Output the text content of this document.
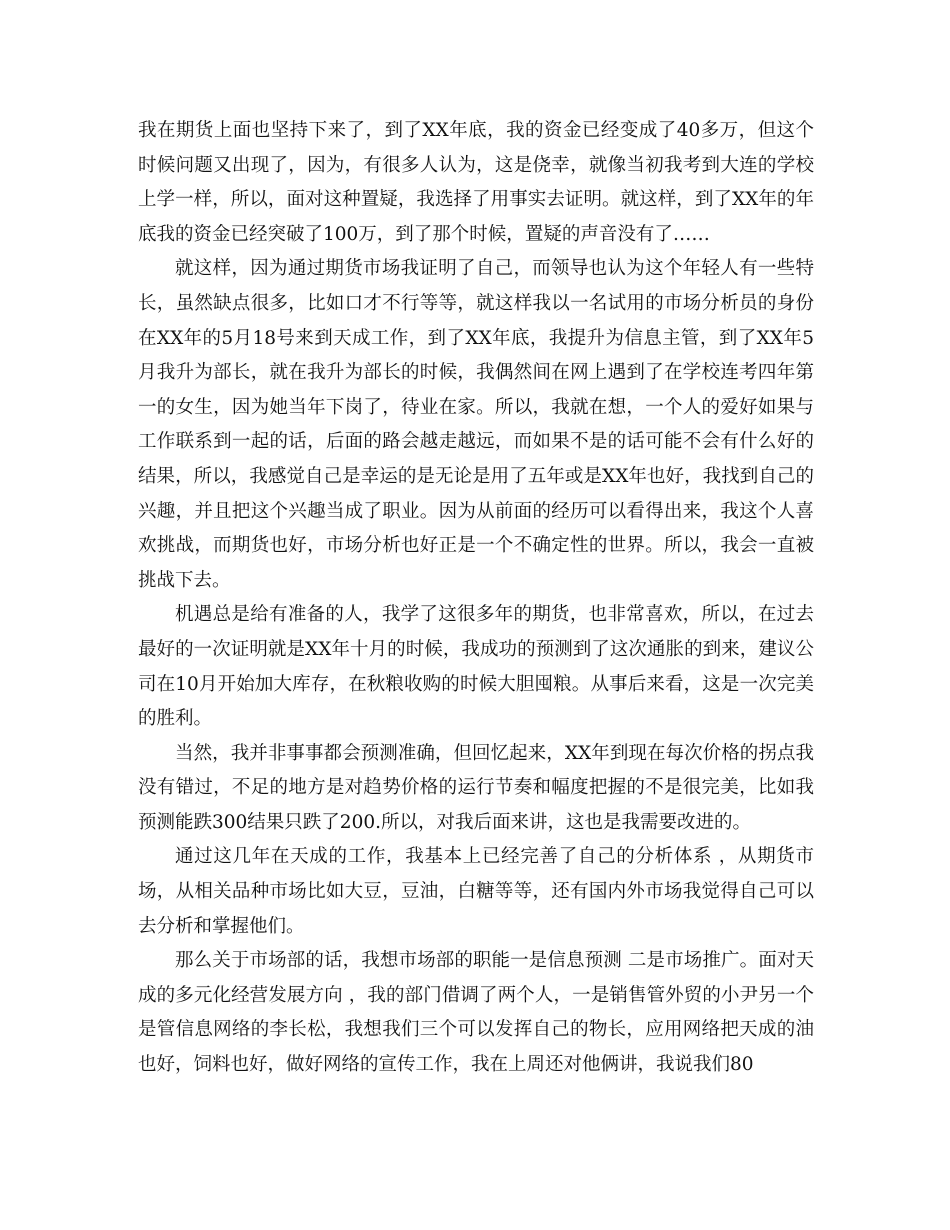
我在期货上面也坚持下来了，到了XX年底，我的资金已经变成了40多万，但这个时候问题又出现了，因为，有很多人认为，这是侥幸，就像当初我考到大连的学校上学一样，所以，面对这种置疑，我选择了用事实去证明。就这样，到了XX年的年底我的资金已经突破了100万，到了那个时候，置疑的声音没有了……

就这样，因为通过期货市场我证明了自己，而领导也认为这个年轻人有一些特长，虽然缺点很多，比如口才不行等等，就这样我以一名试用的市场分析员的身份在XX年的5月18号来到天成工作，到了XX年底，我提升为信息主管，到了XX年5月我升为部长，就在我升为部长的时候，我偶然间在网上遇到了在学校连考四年第一的女生，因为她当年下岗了，待业在家。所以，我就在想，一个人的爱好如果与工作联系到一起的话，后面的路会越走越远，而如果不是的话可能不会有什么好的结果，所以，我感觉自己是幸运的是无论是用了五年或是XX年也好，我找到自己的兴趣，并且把这个兴趣当成了职业。因为从前面的经历可以看得出来，我这个人喜欢挑战，而期货也好，市场分析也好正是一个不确定性的世界。所以，我会一直被挑战下去。

机遇总是给有准备的人，我学了这很多年的期货，也非常喜欢，所以，在过去最好的一次证明就是XX年十月的时候，我成功的预测到了这次通胀的到来，建议公司在10月开始加大库存，在秋粮收购的时候大胆囤粮。从事后来看，这是一次完美的胜利。

当然，我并非事事都会预测准确，但回忆起来，XX年到现在每次价格的拐点我没有错过，不足的地方是对趋势价格的运行节奏和幅度把握的不是很完美，比如我预测能跌300结果只跌了200.所以，对我后面来讲，这也是我需要改进的。

通过这几年在天成的工作，我基本上已经完善了自己的分析体系 ，从期货市场，从相关品种市场比如大豆，豆油，白糖等等，还有国内外市场我觉得自己可以去分析和掌握他们。

那么关于市场部的话，我想市场部的职能一是信息预测 二是市场推广。面对天成的多元化经营发展方向 ，我的部门借调了两个人，一是销售管外贸的小尹另一个是管信息网络的李长松，我想我们三个可以发挥自己的物长，应用网络把天成的油也好，饲料也好，做好网络的宣传工作，我在上周还对他俩讲，我说我们80
